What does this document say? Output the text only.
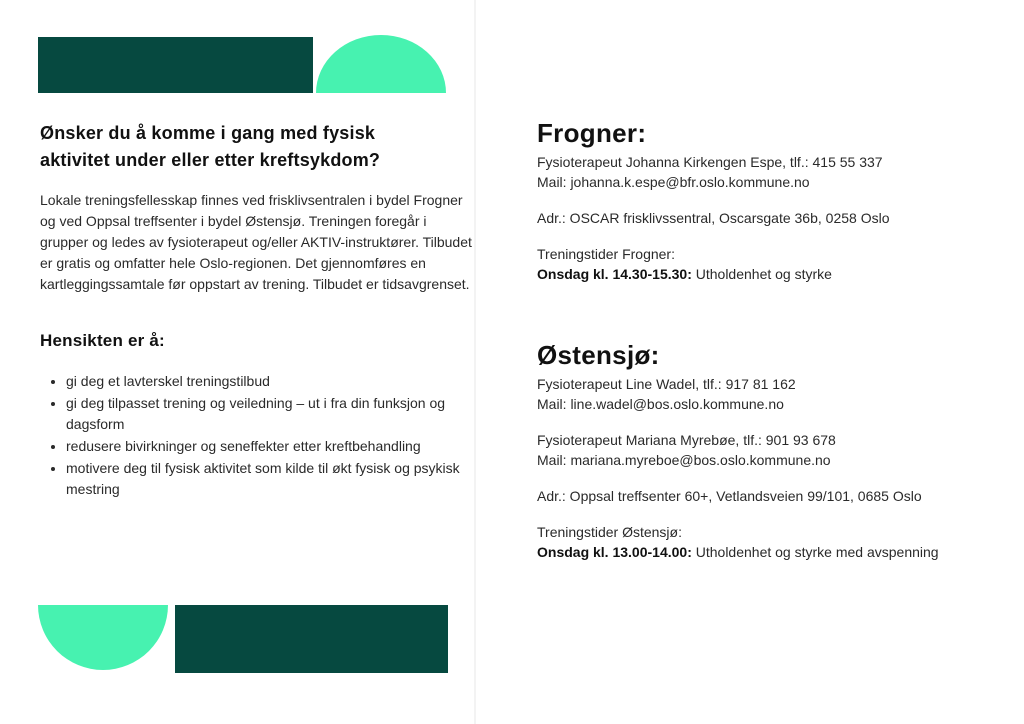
Ønsker du å komme i gang med fysisk aktivitet under eller etter kreftsykdom?

Lokale treningsfellesskap finnes ved frisklivsentralen i bydel Frogner og ved Oppsal treffsenter i bydel Østensjø. Treningen foregår i grupper og ledes av fysioterapeut og/eller AKTIV-instruktører. Tilbudet er gratis og omfatter hele Oslo-regionen. Det gjennomføres en kartleggingssamtale før oppstart av trening. Tilbudet er tidsavgrenset.

Hensikten er å:
• gi deg et lavterskel treningstilbud
• gi deg tilpasset trening og veiledning – ut i fra din funksjon og dagsform
• redusere bivirkninger og seneffekter etter kreftbehandling
• motivere deg til fysisk aktivitet som kilde til økt fysisk og psykisk mestring
Frogner:

Fysioterapeut Johanna Kirkengen Espe, tlf.: 415 55 337

Mail: johanna.k.espe@bfr.oslo.kommune.no

Adr.: OSCAR frisklivssentral, Oscarsgate 36b, 0258 Oslo

Treningstider Frogner:

Onsdag kl. 14.30-15.30: Utholdenhet og styrke

Østensjø:

Fysioterapeut Line Wadel, tlf.: 917 81 162

Mail: line.wadel@bos.oslo.kommune.no

Fysioterapeut Mariana Myrebøe, tlf.: 901 93 678

Mail: mariana.myreboe@bos.oslo.kommune.no

Adr.: Oppsal treffsenter 60+, Vetlandsveien 99/101, 0685 Oslo

Treningstider Østensjø:

Onsdag kl. 13.00-14.00: Utholdenhet og styrke med avspenning
